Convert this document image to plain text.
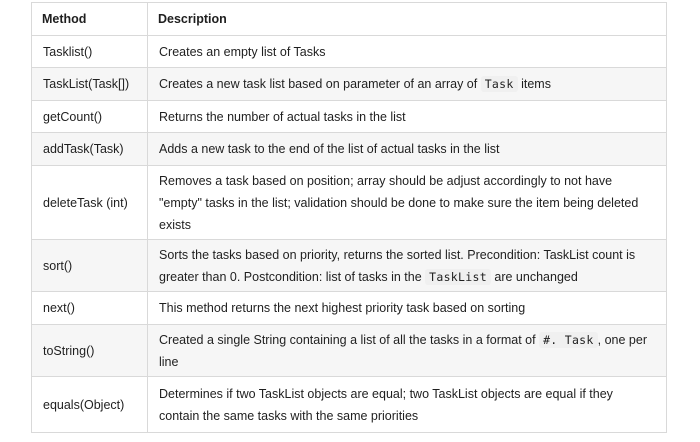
Method	Description
Tasklist()	Creates an empty list of Tasks
TaskList(Task[])	Creates a new task list based on parameter of an array of Task items
getCount()	Returns the number of actual tasks in the list
addTask(Task)	Adds a new task to the end of the list of actual tasks in the list
deleteTask (int)	Removes a task based on position; array should be adjust accordingly to not have "empty" tasks in the list; validation should be done to make sure the item being deleted exists
sort()	Sorts the tasks based on priority, returns the sorted list. Precondition: TaskList count is greater than 0. Postcondition: list of tasks in the TaskList are unchanged
next()	This method returns the next highest priority task based on sorting
toString()	Created a single String containing a list of all the tasks in a format of #. Task , one per line
equals(Object)	Determines if two TaskList objects are equal; two TaskList objects are equal if they contain the same tasks with the same priorities
